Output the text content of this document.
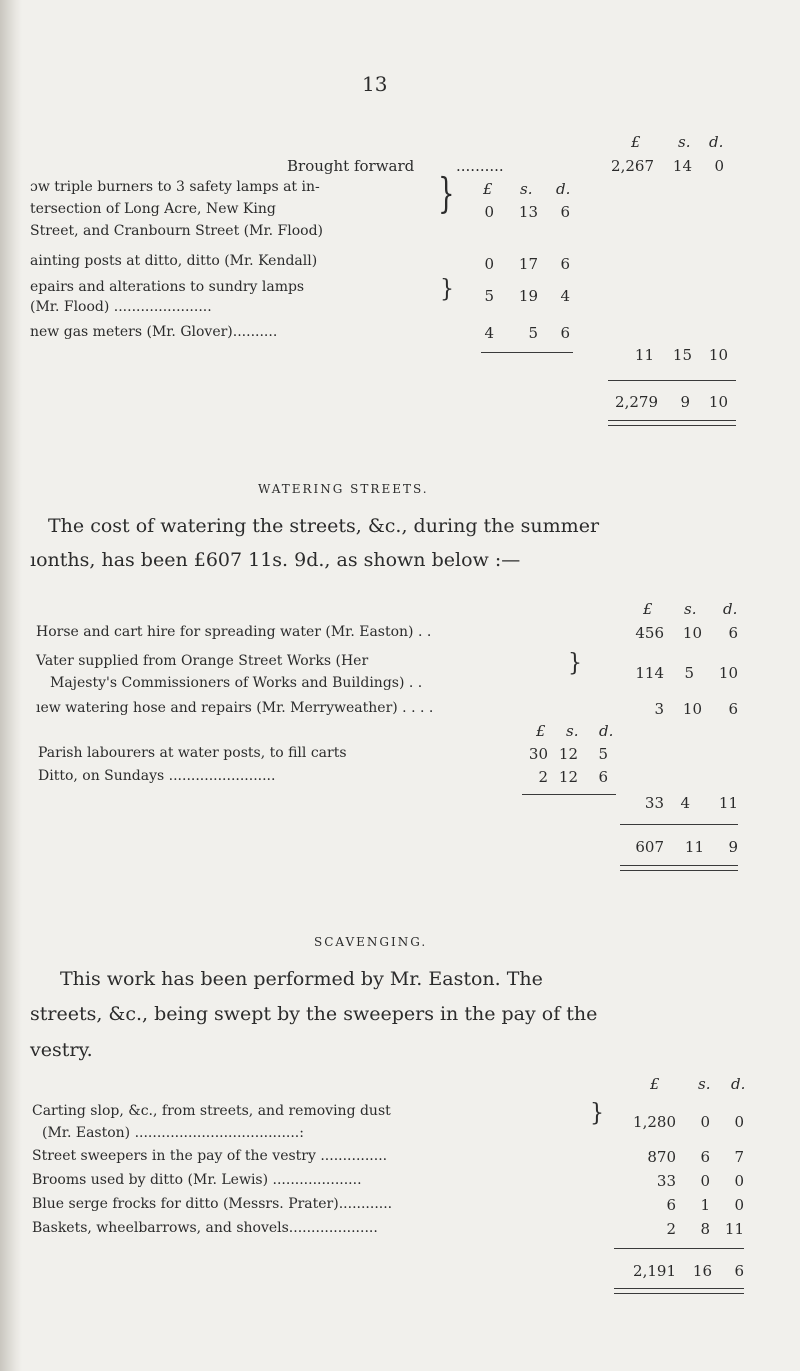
13
£ s. d.
Brought forward	..........	2,267	14	0
£ s. d.
ɔw triple burners to 3 safety lamps at in-
tersection of Long Acre, New King
Street, and Cranbourn Street (Mr. Flood)
}	0	13	6
ainting posts at ditto, ditto (Mr. Kendall)	0	17	6
epairs and alterations to sundry lamps
(Mr. Flood) ......................
}	5	19	4
new gas meters (Mr. Glover)..........	4	5	6
11	15	10
2,279	9	10
WATERING STREETS.
The cost of watering the streets, &c., during the summer
ıonths, has been £607 11s. 9d., as shown below :—
£ s. d.
Horse and cart hire for spreading water (Mr. Easton) . .	456	10	6
Vater supplied from Orange Street Works (Her
Majesty's Commissioners of Works and Buildings) . .
}	114	5	10
ıew watering hose and repairs (Mr. Merryweather) . . . .	3	10	6
£ s. d.
Parish labourers at water posts, to fill carts	30 12	5
Ditto, on Sundays ........................	2 12	6
33	4	11
607	11	9
SCAVENGING.
This work has been performed by Mr. Easton. The
streets, &c., being swept by the sweepers in the pay of the
vestry.
£	s. d.
Carting slop, &c., from streets, and removing dust
(Mr. Easton) .....................................:
}	1,280	0	0
Street sweepers in the pay of the vestry ...............	870	6	7
Brooms used by ditto (Mr. Lewis) ....................	33	0	0
Blue serge frocks for ditto (Messrs. Prater)............	6	1	0
Baskets, wheelbarrows, and shovels....................	2	8 11
2,191	16	6
